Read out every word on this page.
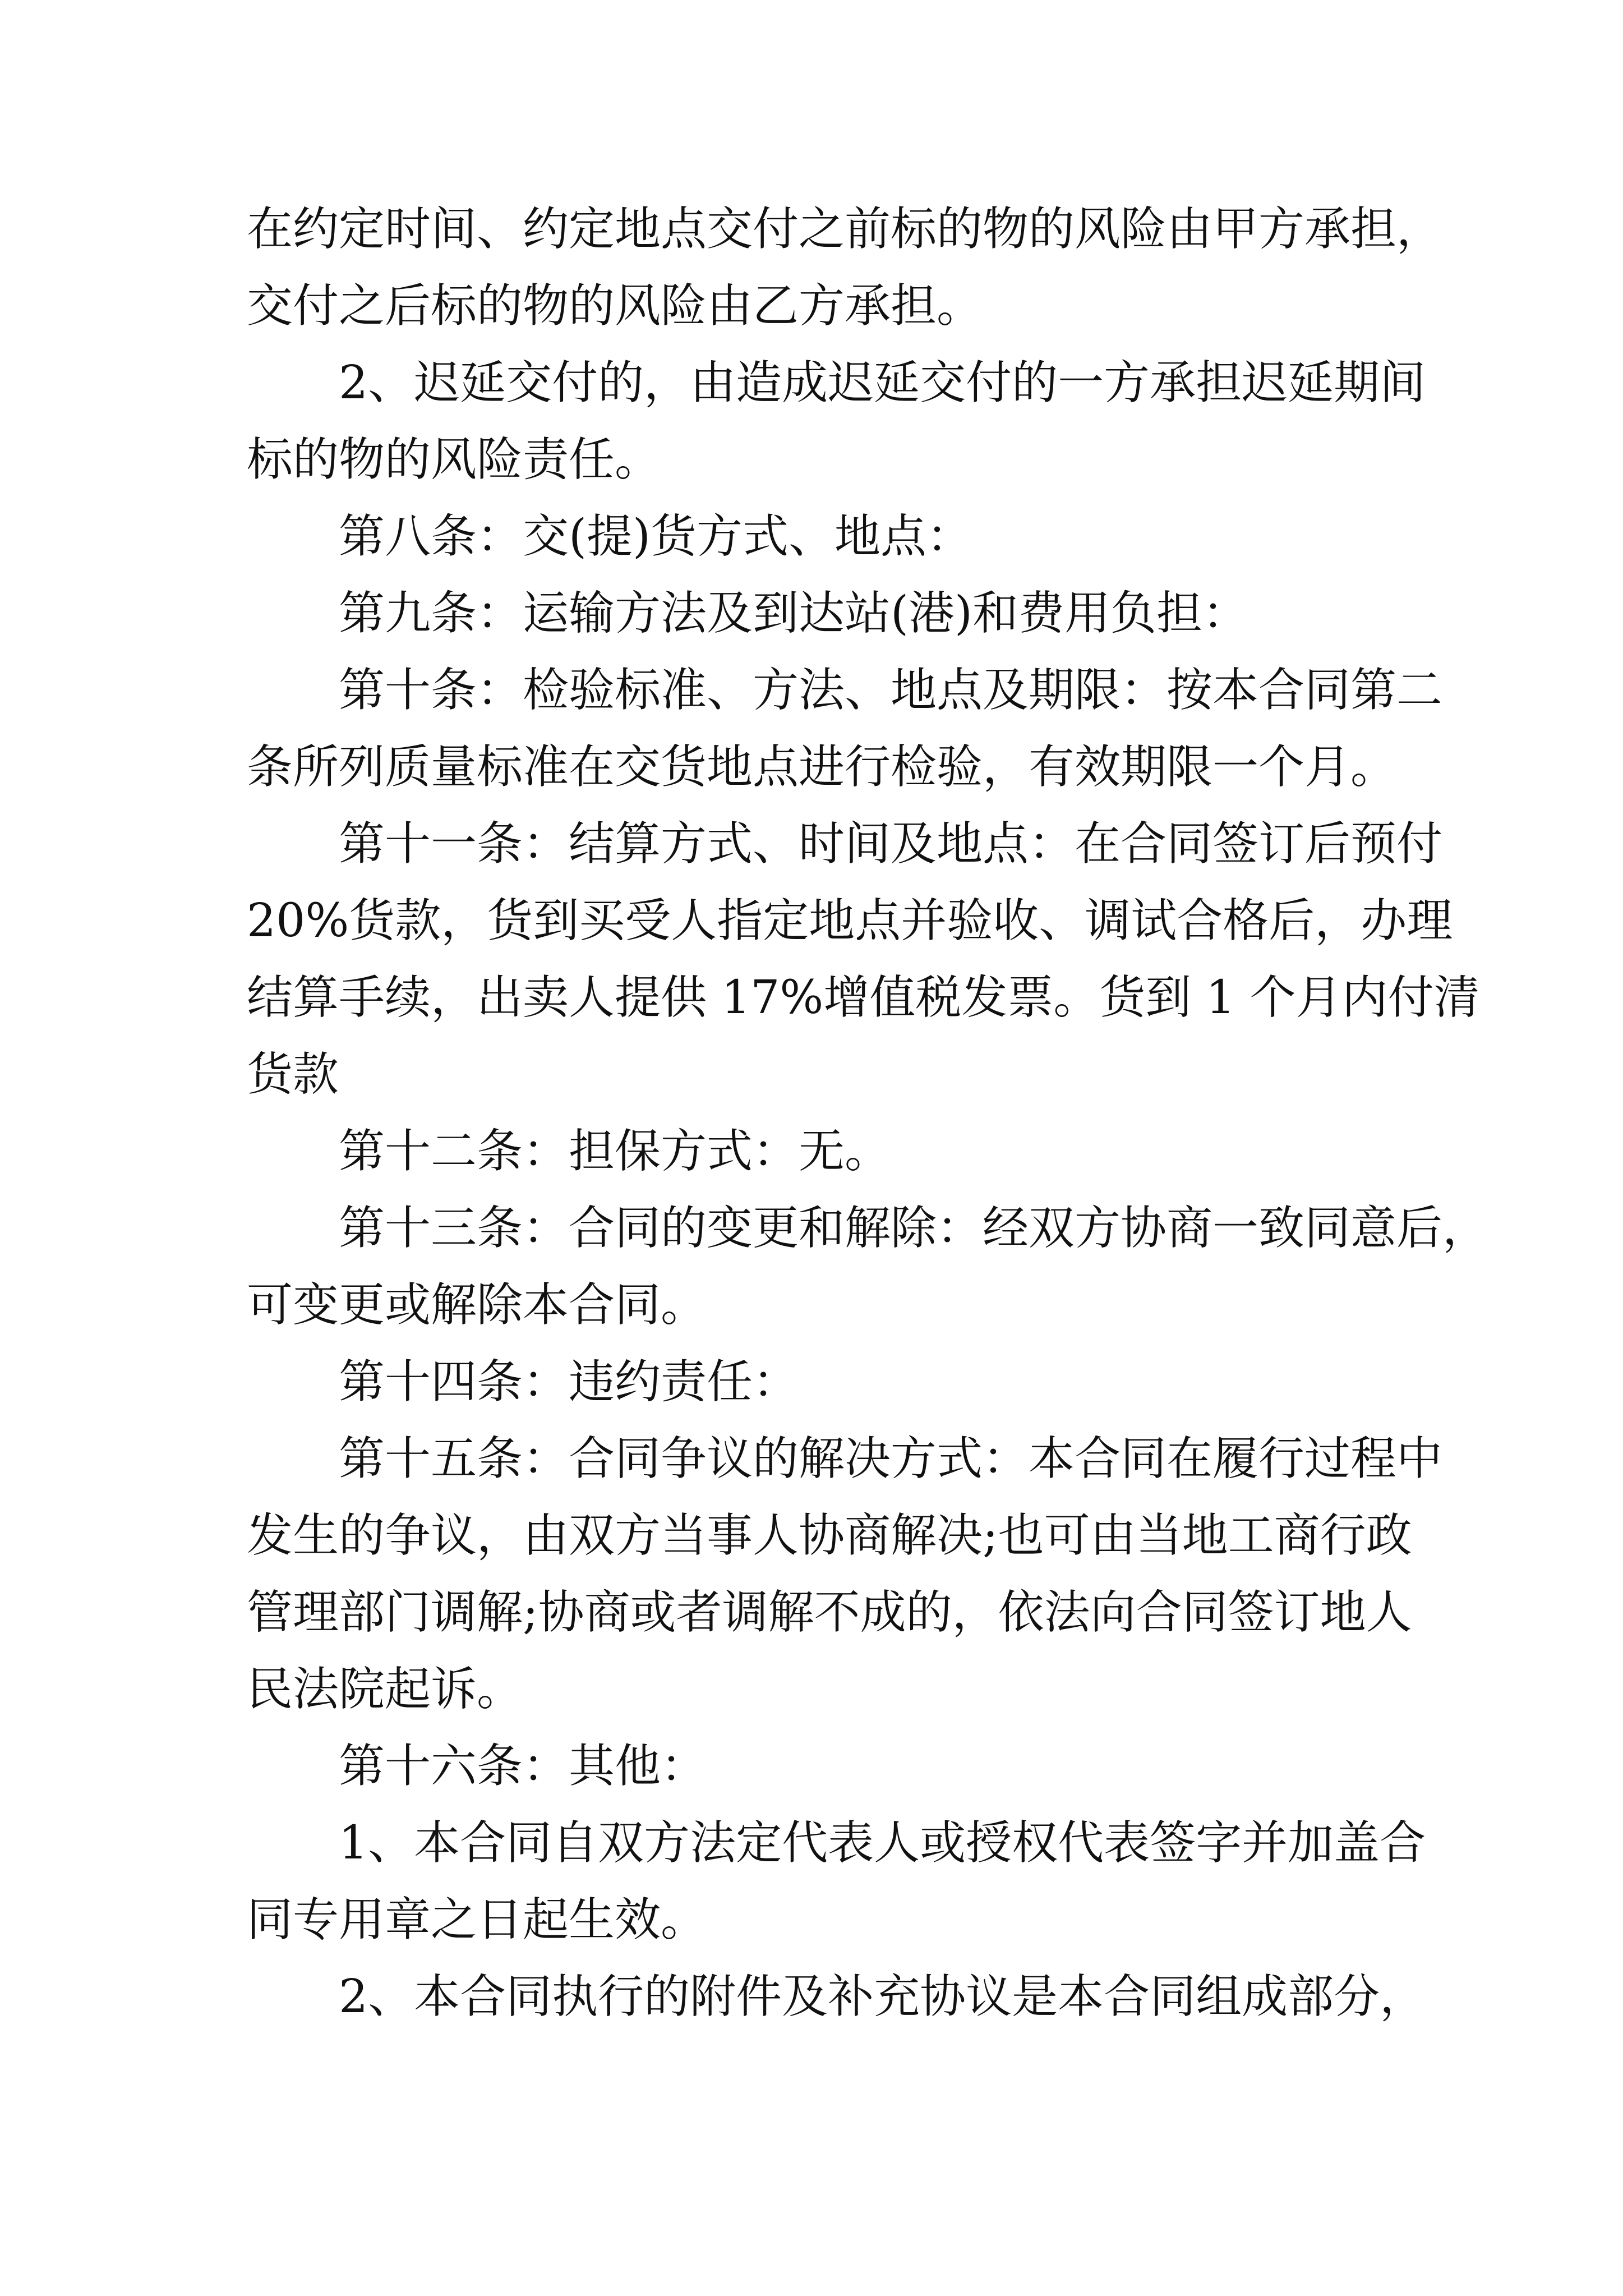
在约定时间、约定地点交付之前标的物的风险由甲方承担，

交付之后标的物的风险由乙方承担。

2、迟延交付的，由造成迟延交付的一方承担迟延期间

标的物的风险责任。

第八条：交(提)货方式、地点：

第九条：运输方法及到达站(港)和费用负担：

第十条：检验标准、方法、地点及期限：按本合同第二

条所列质量标准在交货地点进行检验，有效期限一个月。

第十一条：结算方式、时间及地点：在合同签订后预付

20%货款，货到买受人指定地点并验收、调试合格后，办理

结算手续，出卖人提供 17%增值税发票。货到 1 个月内付清

货款

第十二条：担保方式：无。

第十三条：合同的变更和解除：经双方协商一致同意后，

可变更或解除本合同。

第十四条：违约责任：

第十五条：合同争议的解决方式：本合同在履行过程中

发生的争议，由双方当事人协商解决;也可由当地工商行政

管理部门调解;协商或者调解不成的，依法向合同签订地人

民法院起诉。

第十六条：其他：

1、本合同自双方法定代表人或授权代表签字并加盖合

同专用章之日起生效。

2、本合同执行的附件及补充协议是本合同组成部分，
